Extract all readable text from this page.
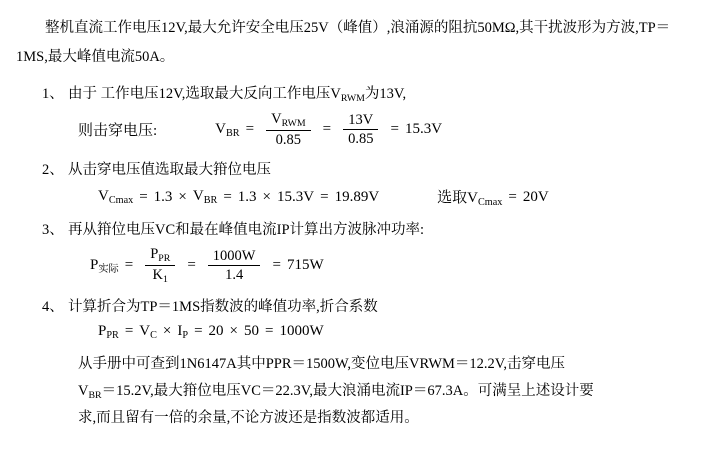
整机直流工作电压12V,最大允许安全电压25V（峰值）,浪涌源的阻抗50MΩ,其干扰波形为方波,TP＝1MS,最大峰值电流50A。

1、 由于 工作电压12V,选取最大反向工作电压$V_{RWM}$为13V,
则击穿电压:	$V_{BR} = \frac{V_{RWM}}{0.85} = \frac{13V}{0.85} = 15.3V$
2、 从击穿电压值选取最大箝位电压
$V_{Cmax} = 1.3 \times V_{BR} = 1.3 \times 15.3V = 19.89V$	选取$V_{Cmax} = 20V$
3、 再从箝位电压VC和最在峰值电流IP计算出方波脉冲功率:
$P_{实际} = \frac{P_{PR}}{K_1} = \frac{1000W}{1.4} = 715W$
4、 计算折合为TP＝1MS指数波的峰值功率,折合系数
$P_{PR} = V_C \times I_P = 20 \times 50 = 1000W$
从手册中可查到1N6147A其中PPR＝1500W,变位电压VRWM＝12.2V,击穿电压
$V_{BR}=15.2V$,最大箝位电压VC＝22.3V,最大浪涌电流IP＝67.3A。可满呈上述设计要
求,而且留有一倍的余量,不论方波还是指数波都适用。
